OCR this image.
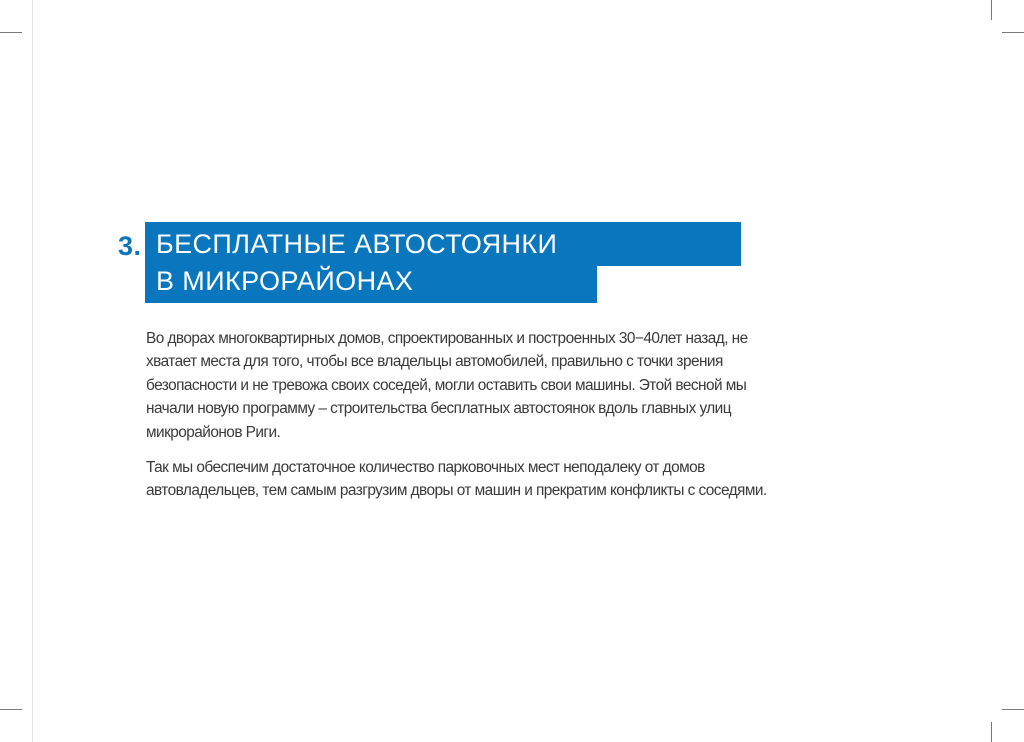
3. БЕСПЛАТНЫЕ АВТОСТОЯНКИ
В МИКРОРАЙОНАХ

Во дворах многоквартирных домов, спроектированных и построенных 30−40лет назад, не хватает места для того, чтобы все владельцы автомобилей, правильно с точки зрения безопасности и не тревожа своих соседей, могли оставить свои машины. Этой весной мы начали новую программу – строительства бесплатных автостоянок вдоль главных улиц микрорайонов Риги.

Так мы обеспечим достаточное количество парковочных мест неподалеку от домов автовладельцев, тем самым разгрузим дворы от машин и прекратим конфликты с соседями.
